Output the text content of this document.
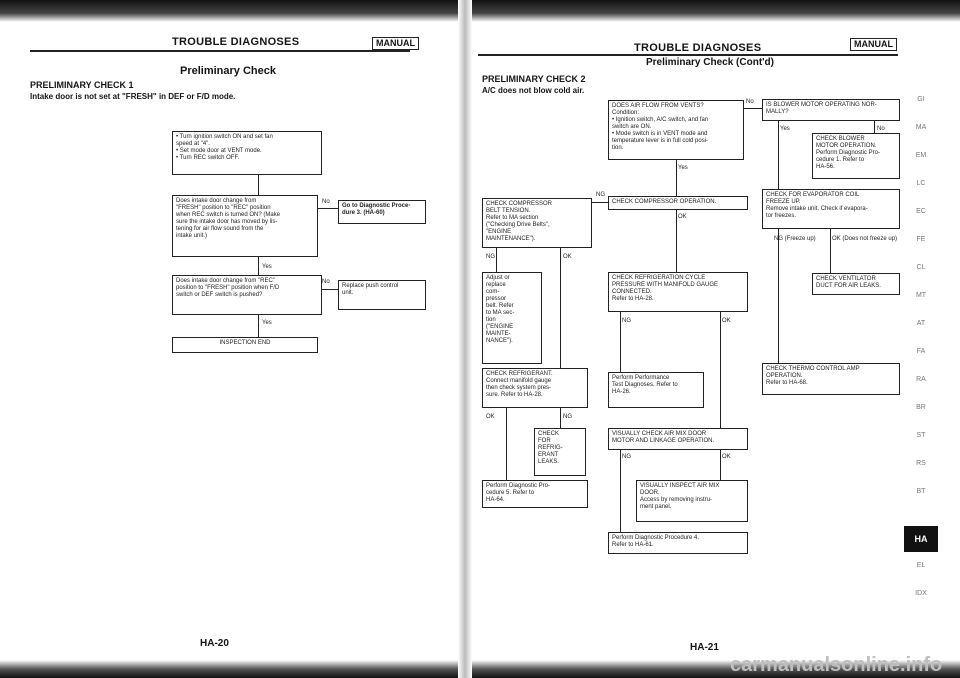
TROUBLE DIAGNOSES	MANUAL
Preliminary Check
PRELIMINARY CHECK 1
Intake door is not set at "FRESH" in DEF or F/D mode.
• Turn ignition switch ON and set fan
speed at "4".
• Set mode door at VENT mode.
• Turn REC switch OFF.
Does intake door change from
"FRESH" position to "REC" position
when REC switch is turned ON? (Make
sure the intake door has moved by lis-
tening for air flow sound from the
intake unit.)
No
Go to Diagnostic Proce-
dure 3. (HA-60)
Yes
Does intake door change from "REC"
position to "FRESH" position when F/D
switch or DEF switch is pushed?
No
Replace push control
unit.
Yes
INSPECTION END
HA-20
TROUBLE DIAGNOSES	MANUAL
Preliminary Check (Cont'd)
PRELIMINARY CHECK 2
A/C does not blow cold air.
DOES AIR FLOW FROM VENTS?
Condition:
• Ignition switch, A/C switch, and fan
switch are ON.
• Mode switch is in VENT mode and
temperature lever is in full cold posi-
tion.
No
Yes
CHECK COMPRESSOR OPERATION.
NG
OK
CHECK COMPRESSOR
BELT TENSION.
Refer to MA section
("Checking Drive Belts",
"ENGINE
MAINTENANCE").
NG	OK
Adjust or
replace
com-
pressor
belt. Refer
to MA sec-
tion
("ENGINE
MAINTE-
NANCE").
CHECK REFRIGERANT.
Connect manifold gauge
then check system pres-
sure. Refer to HA-28.
OK	NG
CHECK
FOR
REFRIG-
ERANT
LEAKS.
Perform Diagnostic Pro-
cedure 5. Refer to
HA-64.
CHECK REFRIGERATION CYCLE
PRESSURE WITH MANIFOLD GAUGE
CONNECTED.
Refer to HA-28.
NG	OK
Perform Performance
Test Diagnoses. Refer to
HA-26.
VISUALLY CHECK AIR MIX DOOR
MOTOR AND LINKAGE OPERATION.
NG	OK
VISUALLY INSPECT AIR MIX
DOOR.
Access by removing instru-
ment panel.
Perform Diagnostic Procedure 4.
Refer to HA-61.
IS BLOWER MOTOR OPERATING NOR-
MALLY?
Yes	No
CHECK BLOWER
MOTOR OPERATION.
Perform Diagnostic Pro-
cedure 1. Refer to
HA-56.
CHECK FOR EVAPORATOR COIL
FREEZE UP.
Remove intake unit. Check if evapora-
tor freezes.
NG (Freeze up)	OK (Does not freeze up)
CHECK VENTILATOR
DUCT FOR AIR LEAKS.
CHECK THERMO CONTROL AMP
OPERATION.
Refer to HA-68.
GI
MA
EM
LC
EC
FE
CL
MT
AT
FA
RA
BR
ST
RS
BT
HA
EL
IDX
HA-21
carmanualsonline.info
